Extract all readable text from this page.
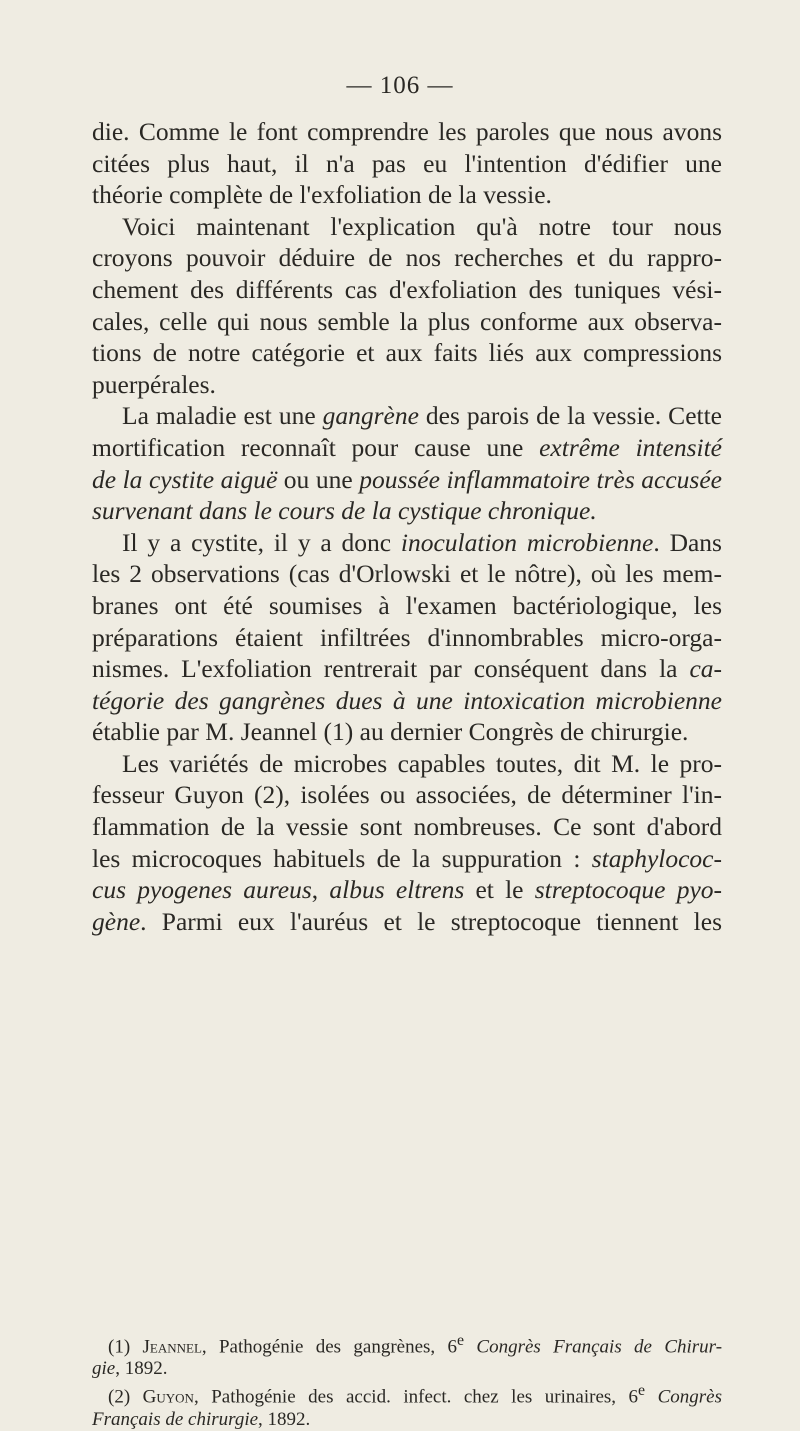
— 106 —
die. Comme le font comprendre les paroles que nous avons
citées plus haut, il n'a pas eu l'intention d'édifier une
théorie complète de l'exfoliation de la vessie.
Voici maintenant l'explication qu'à notre tour nous
croyons pouvoir déduire de nos recherches et du rappro-
chement des différents cas d'exfoliation des tuniques vési-
cales, celle qui nous semble la plus conforme aux observa-
tions de notre catégorie et aux faits liés aux compressions
puerpérales.
La maladie est une gangrène des parois de la vessie. Cette
mortification reconnaît pour cause une extrême intensité
de la cystite aiguë ou une poussée inflammatoire très accusée
survenant dans le cours de la cystique chronique.
Il y a cystite, il y a donc inoculation microbienne. Dans
les 2 observations (cas d'Orlowski et le nôtre), où les mem-
branes ont été soumises à l'examen bactériologique, les
préparations étaient infiltrées d'innombrables micro-orga-
nismes. L'exfoliation rentrerait par conséquent dans la ca-
tégorie des gangrènes dues à une intoxication microbienne
établie par M. Jeannel (1) au dernier Congrès de chirurgie.
Les variétés de microbes capables toutes, dit M. le pro-
fesseur Guyon (2), isolées ou associées, de déterminer l'in-
flammation de la vessie sont nombreuses. Ce sont d'abord
les microcoques habituels de la suppuration : staphylococ-
cus pyogenes aureus, albus eltrens et le streptocoque pyo-
gène. Parmi eux l'auréus et le streptocoque tiennent les
(1) Jeannel, Pathogénie des gangrènes, 6e Congrès Français de Chirur-
gie, 1892.
(2) Guyon, Pathogénie des accid. infect. chez les urinaires, 6e Congrès
Français de chirurgie, 1892.
